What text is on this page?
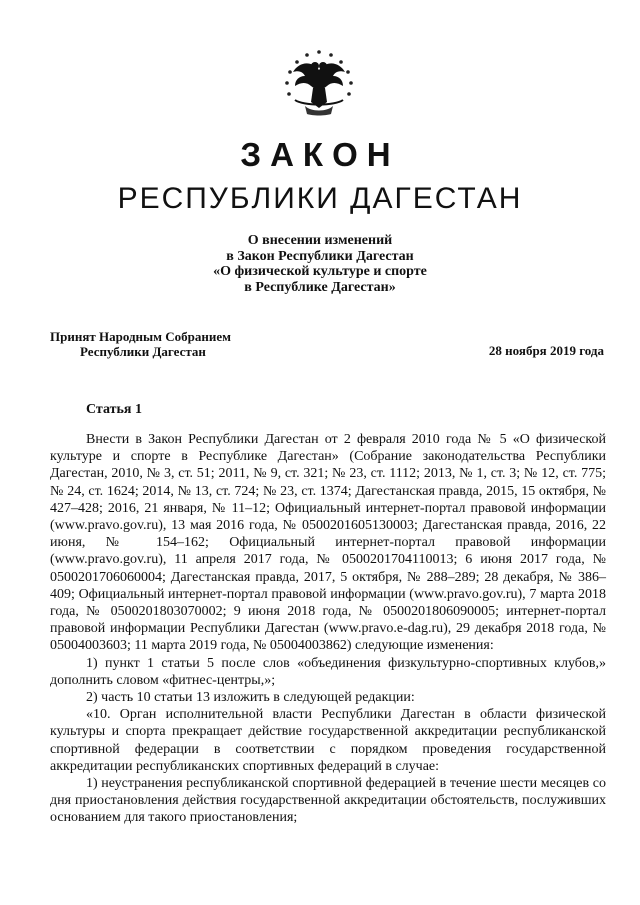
ЗАКОН
РЕСПУБЛИКИ ДАГЕСТАН
О внесении изменений
в Закон Республики Дагестан
«О физической культуре и спорте
в Республике Дагестан»
Принят Народным Собранием
Республики Дагестан	28 ноября 2019 года
Статья 1

Внести в Закон Республики Дагестан от 2 февраля 2010 года № 5 «О физической культуре и спорте в Республике Дагестан» (Собрание законодательства Республики Дагестан, 2010, № 3, ст. 51; 2011, № 9, ст. 321; № 23, ст. 1112; 2013, № 1, ст. 3; № 12, ст. 775; № 24, ст. 1624; 2014, № 13, ст. 724; № 23, ст. 1374; Дагестанская правда, 2015, 15 октября, № 427–428; 2016, 21 января, № 11–12; Официальный интернет-портал правовой информации (www.pravo.gov.ru), 13 мая 2016 года, № 0500201605130003; Дагестанская правда, 2016, 22 июня, № 154–162; Официальный интернет-портал правовой информации (www.pravo.gov.ru), 11 апреля 2017 года, № 0500201704110013; 6 июня 2017 года, № 0500201706060004; Дагестанская правда, 2017, 5 октября, № 288–289; 28 декабря, № 386–409; Официальный интернет-портал правовой информации (www.pravo.gov.ru), 7 марта 2018 года, № 0500201803070002; 9 июня 2018 года, № 0500201806090005; интернет-портал правовой информации Республики Дагестан (www.pravo.e-dag.ru), 29 декабря 2018 года, № 05004003603; 11 марта 2019 года, № 05004003862) следующие изменения:

1) пункт 1 статьи 5 после слов «объединения физкультурно-спортивных клубов,» дополнить словом «фитнес-центры,»;

2) часть 10 статьи 13 изложить в следующей редакции:

«10. Орган исполнительной власти Республики Дагестан в области физической культуры и спорта прекращает действие государственной аккредитации республиканской спортивной федерации в соответствии с порядком проведения государственной аккредитации республиканских спортивных федераций в случае:

1) неустранения республиканской спортивной федерацией в течение шести месяцев со дня приостановления действия государственной аккредитации обстоятельств, послуживших основанием для такого приостановления;
